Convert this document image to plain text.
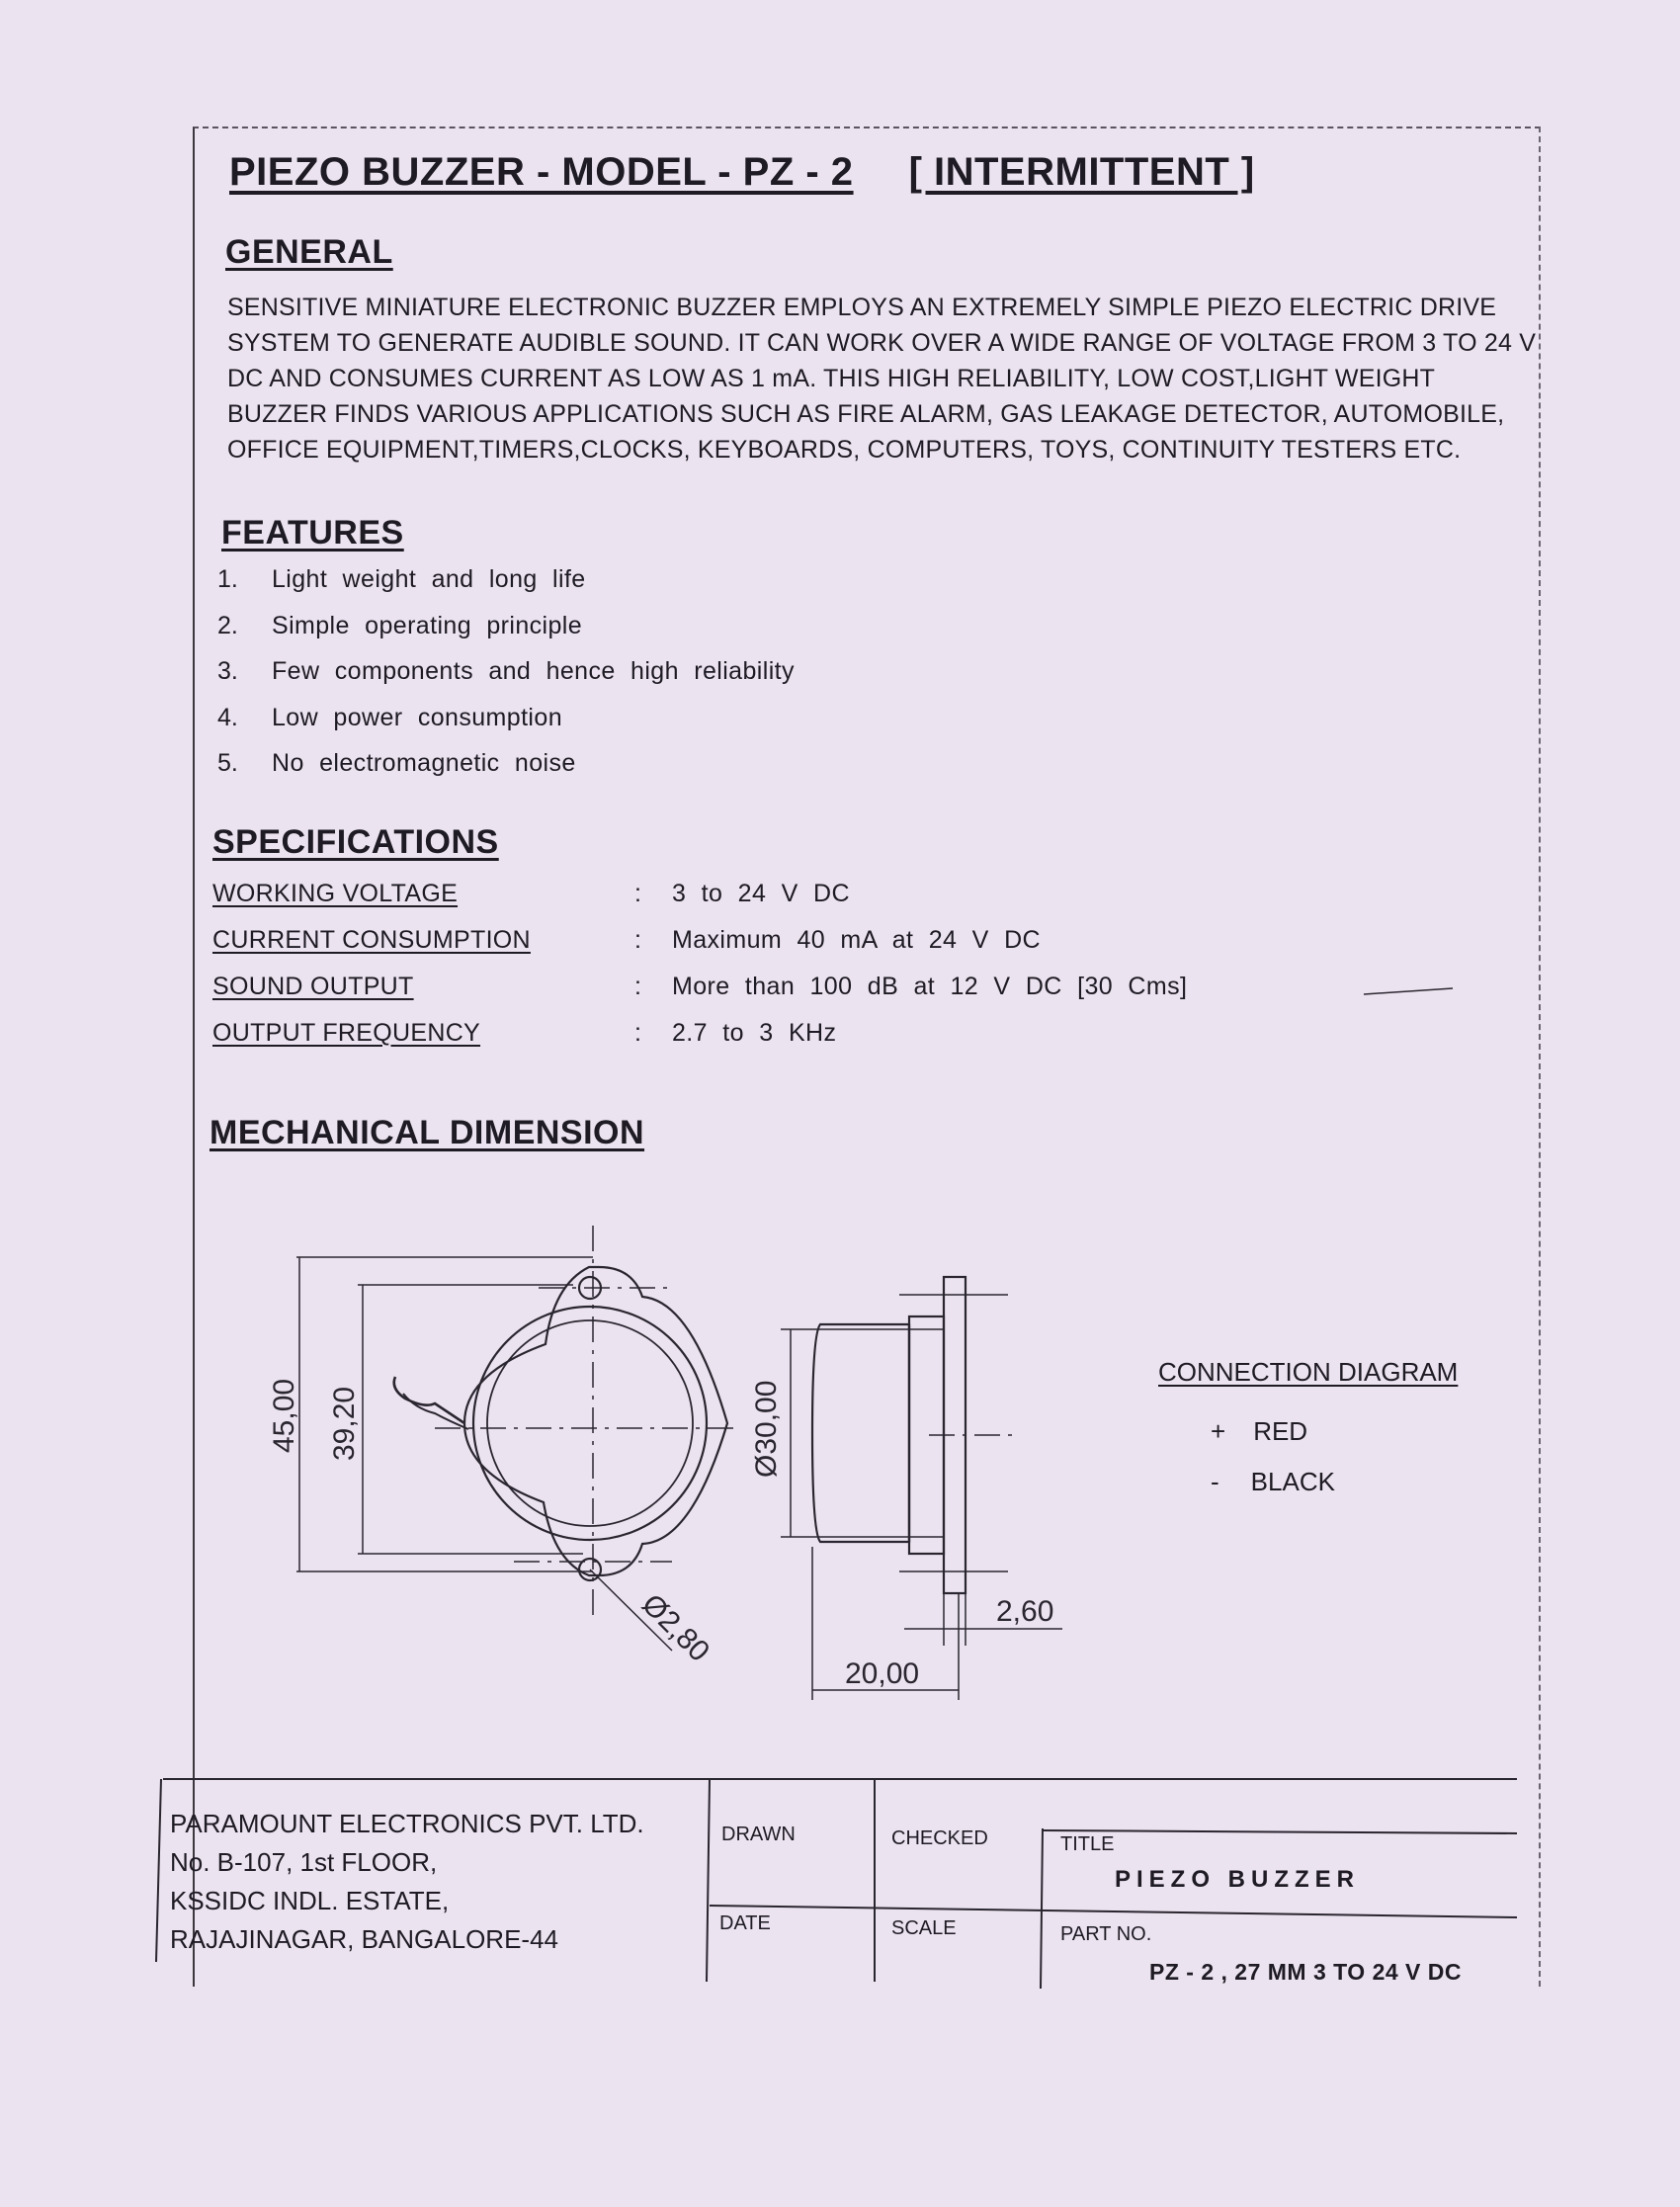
PIEZO BUZZER - MODEL - PZ - 2 [ INTERMITTENT ]
GENERAL
SENSITIVE MINIATURE ELECTRONIC BUZZER EMPLOYS AN EXTREMELY SIMPLE PIEZO ELECTRIC DRIVE SYSTEM TO GENERATE AUDIBLE SOUND. IT CAN WORK OVER A WIDE RANGE OF VOLTAGE FROM 3 TO 24 V DC AND CONSUMES CURRENT AS LOW AS 1 mA. THIS HIGH RELIABILITY, LOW COST,LIGHT WEIGHT BUZZER FINDS VARIOUS APPLICATIONS SUCH AS FIRE ALARM, GAS LEAKAGE DETECTOR, AUTOMOBILE, OFFICE EQUIPMENT,TIMERS,CLOCKS, KEYBOARDS, COMPUTERS, TOYS, CONTINUITY TESTERS ETC.
FEATURES
1.	Light weight and long life
2.	Simple operating principle
3.	Few components and hence high reliability
4.	Low power consumption
5.	No electromagnetic noise
SPECIFICATIONS
WORKING VOLTAGE	:	3 to 24 V DC
CURRENT CONSUMPTION	:	Maximum 40 mA at 24 V DC
SOUND OUTPUT	:	More than 100 dB at 12 V DC [30 Cms]
OUTPUT FREQUENCY	:	2.7 to 3 KHz
MECHANICAL DIMENSION
45,00 39,20	Ø30,00
Ø2,80	2,60
20,00
CONNECTION DIAGRAM
+ RED
- BLACK
PARAMOUNT ELECTRONICS PVT. LTD.
No. B-107, 1st FLOOR,
KSSIDC INDL. ESTATE,
RAJAJINAGAR, BANGALORE-44
DRAWN	CHECKED	TITLE
PIEZO BUZZER
DATE	SCALE	PART NO.
PZ - 2 , 27 MM 3 TO 24 V DC
